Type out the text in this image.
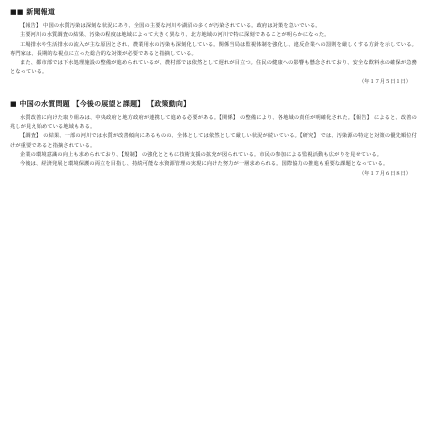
■■ 新聞報道

【報告】 中国の水質汚染は深刻な状況にあり、全国の主要な河川や湖沼の多くが汚染されている。政府は対策を急いでいる。

主要河川の水質調査の結果、汚染の程度は地域によって大きく異なり、北方地域の河川で特に深刻であることが明らかになった。

工場排水や生活排水の流入が主な原因とされ、農業用水の汚染も深刻化している。関係当局は監視体制を強化し、違反企業への罰則を厳しくする方針を示している。専門家は、長期的な視点に立った総合的な対策が必要であると指摘している。

また、都市部では下水処理施設の整備が進められているが、農村部では依然として遅れが目立つ。住民の健康への影響も懸念されており、安全な飲料水の確保が急務となっている。

（年１７月５日１日）
■ 中国の水質問題 【今後の展望と課題】 【政策動向】

水質改善に向けた取り組みは、中央政府と地方政府が連携して進める必要がある。【関係】 の整備により、各地域の責任が明確化された。【報告】 によると、改善の兆しが見え始めている地域もある。

【調査】 の結果、一部の河川では水質が改善傾向にあるものの、全体としては依然として厳しい状況が続いている。【研究】 では、汚染源の特定と対策の優先順位付けが重要であると指摘されている。

企業の環境意識の向上も求められており、【規制】 の強化とともに技術支援の拡充が図られている。市民の参加による監視活動も広がりを見せている。

今後は、経済発展と環境保護の両立を目指し、持続可能な水資源管理の実現に向けた努力が一層求められる。国際協力の推進も重要な課題となっている。

（年１７月６日８日）
